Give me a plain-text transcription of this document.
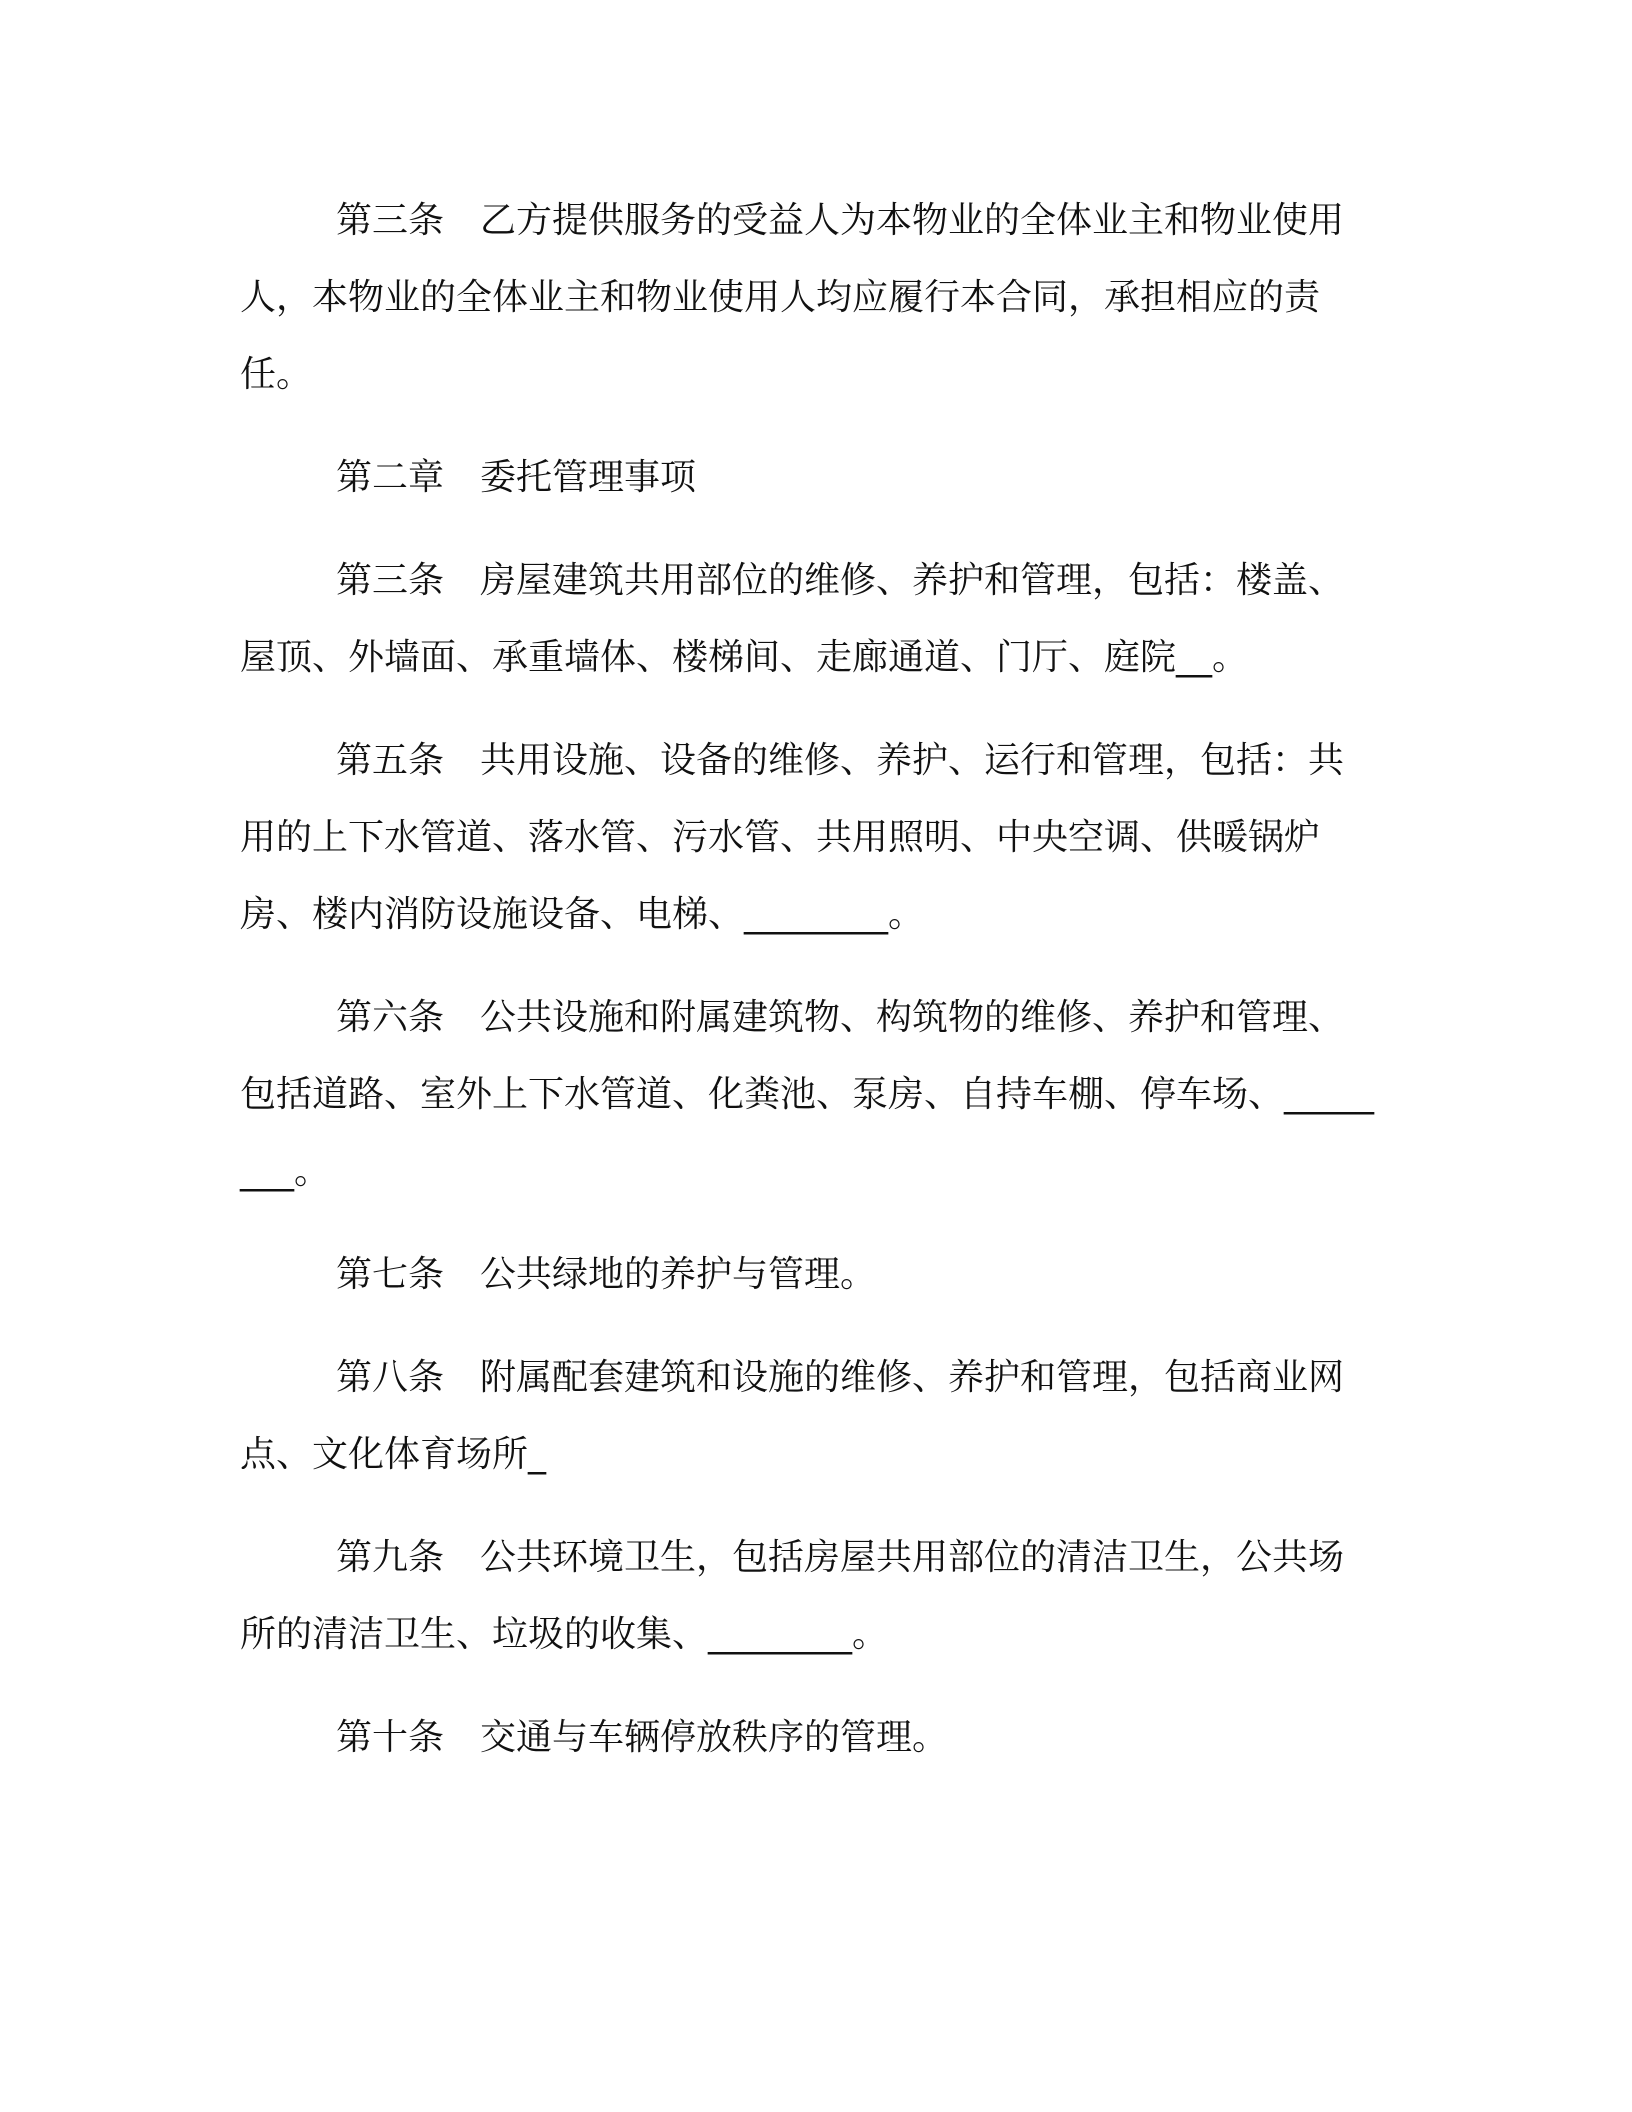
第三条　乙方提供服务的受益人为本物业的全体业主和物业使用人，本物业的全体业主和物业使用人均应履行本合同，承担相应的责任。

第二章　委托管理事项

第三条　房屋建筑共用部位的维修、养护和管理，包括：楼盖、屋顶、外墙面、承重墙体、楼梯间、走廊通道、门厅、庭院__。

第五条　共用设施、设备的维修、养护、运行和管理，包括：共用的上下水管道、落水管、污水管、共用照明、中央空调、供暖锅炉房、楼内消防设施设备、电梯、________。

第六条　公共设施和附属建筑物、构筑物的维修、养护和管理、包括道路、室外上下水管道、化粪池、泵房、自持车棚、停车场、________。

第七条　公共绿地的养护与管理。

第八条　附属配套建筑和设施的维修、养护和管理，包括商业网点、文化体育场所_

第九条　公共环境卫生，包括房屋共用部位的清洁卫生，公共场所的清洁卫生、垃圾的收集、________。

第十条　交通与车辆停放秩序的管理。
